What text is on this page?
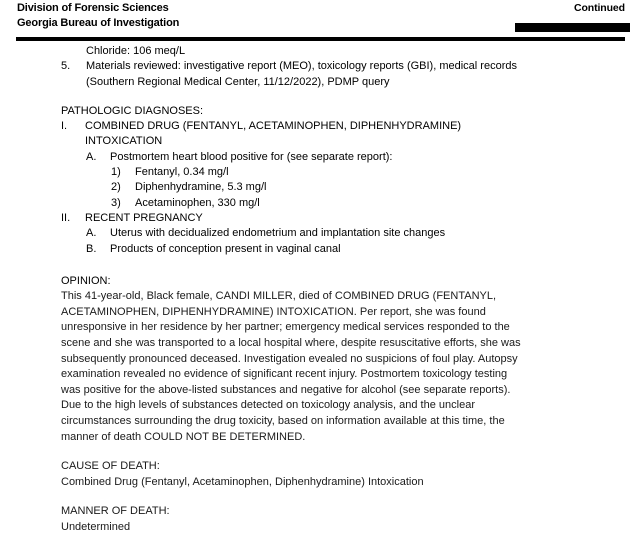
Division of Forensic Sciences
Georgia Bureau of Investigation
Continued
Chloride: 106 meq/L
5. Materials reviewed: investigative report (MEO), toxicology reports (GBI), medical records
(Southern Regional Medical Center, 11/12/2022), PDMP query
PATHOLOGIC DIAGNOSES:
I. COMBINED DRUG (FENTANYL, ACETAMINOPHEN, DIPHENHYDRAMINE)
INTOXICATION
A. Postmortem heart blood positive for (see separate report):
1) Fentanyl, 0.34 mg/l
2) Diphenhydramine, 5.3 mg/l
3) Acetaminophen, 330 mg/l
II. RECENT PREGNANCY
A. Uterus with decidualized endometrium and implantation site changes
B. Products of conception present in vaginal canal
OPINION:
This 41-year-old, Black female, CANDI MILLER, died of COMBINED DRUG (FENTANYL,
ACETAMINOPHEN, DIPHENHYDRAMINE) INTOXICATION. Per report, she was found
unresponsive in her residence by her partner; emergency medical services responded to the
scene and she was transported to a local hospital where, despite resuscitative efforts, she was
subsequently pronounced deceased. Investigation evealed no suspicions of foul play. Autopsy
examination revealed no evidence of significant recent injury. Postmortem toxicology testing
was positive for the above-listed substances and negative for alcohol (see separate reports).
Due to the high levels of substances detected on toxicology analysis, and the unclear
circumstances surrounding the drug toxicity, based on information available at this time, the
manner of death COULD NOT BE DETERMINED.
CAUSE OF DEATH:
Combined Drug (Fentanyl, Acetaminophen, Diphenhydramine) Intoxication
MANNER OF DEATH:
Undetermined
